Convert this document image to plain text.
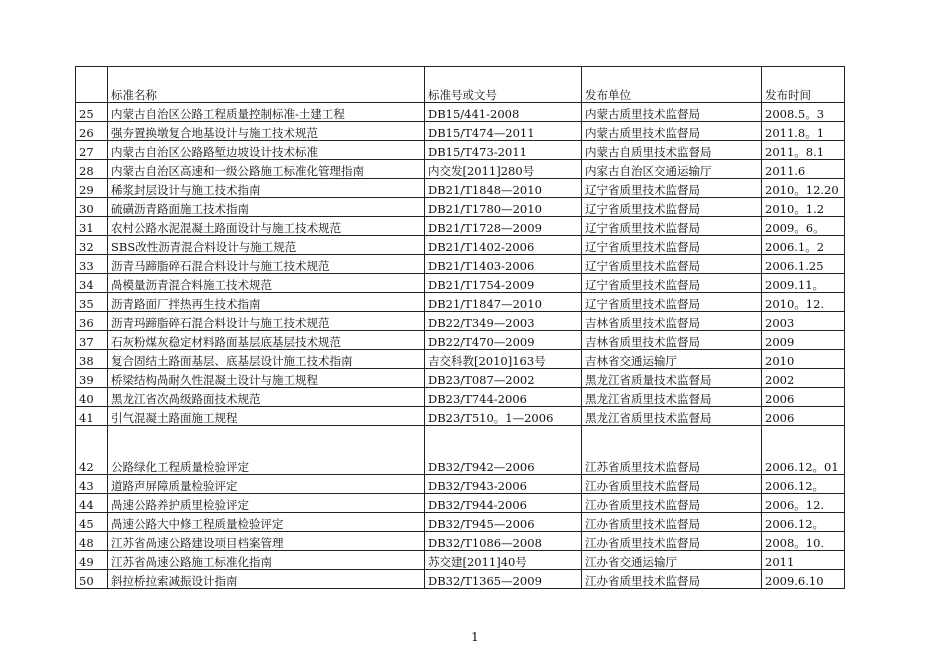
	标准名称	标准号或文号	发布单位	发布时间
25	内蒙古自治区公路工程质量控制标准-土建工程	DB15/441-2008	内蒙古质里技术监督局	2008.5。3
26	强夯置换墩复合地基设计与施工技术规范	DB15/T474—2011	内蒙古质里技术监督局	2011.8。1
27	内蒙古自治区公路路堑边坡设计技术标准	DB15/T473-2011	内蒙古自质里技术监督局	2011。8.1
28	内蒙古自治区高速和一级公路施工标准化管理指南	内交发[2011]280号	内家古自治区交通运输厅	2011.6
29	稀浆封层设计与施工技术指南	DB21/T1848—2010	辽宁省质里技术监督局	2010。12.20
30	硫磺沥青路面施工技术指南	DB21/T1780—2010	辽宁省质里技术监督局	2010。1.2
31	农村公路水泥混凝土路面设计与施工技术规范	DB21/T1728—2009	辽宁省质里技术监督局	2009。6。
32	SBS改性沥青混合料设计与施工规范	DB21/T1402-2006	辽宁省质里技术监督局	2006.1。2
33	沥青马蹄脂碎石混合料设计与施工技术规范	DB21/T1403-2006	辽宁省质里技术监督局	2006.1.25
34	咼模量沥青混合料施工技术规范	DB21/T1754-2009	辽宁省质里技术监督局	2009.11。
35	沥青路面厂拌热再生技术指南	DB21/T1847—2010	辽宁省质里技术监督局	2010。12.
36	沥青玛蹄脂碎石混合料设计与施工技术规范	DB22/T349—2003	吉林省质里技术监督局	2003
37	石灰粉煤灰稳定材料路面基层底基层技术规范	DB22/T470—2009	吉林省质里技术监督局	2009
38	复合固结土路面基层、底基层设计施工技术指南	吉交科教[2010]163号	吉林省交通运输厅	2010
39	桥梁结构咼耐久性混凝土设计与施工规程	DB23/T087—2002	黑龙江省质量技术监督局	2002
40	黑龙江省次咼级路面技术规范	DB23/T744-2006	黑龙江省质里技术监督局	2006
41	引气混凝土路面施工规程	DB23/T510。1—2006	黑龙江省质里技术监督局	2006
42	公路绿化工程质量检验评定	DB32/T942—2006	江苏省质里技术监督局	2006.12。01
43	道路声屏障质量检验评定	DB32/T943-2006	江办省质里技术监督局	2006.12。
44	咼速公路养护质里检验评定	DB32/T944-2006	江办省质里技术监督局	2006。12.
45	咼速公路大中修工程质量检验评定	DB32/T945—2006	江办省质里技术监督局	2006.12。
48	江苏省咼速公路建设项目档案管理	DB32/T1086—2008	江办省质里技术监督局	2008。10.
49	江苏省咼速公路施工标准化指南	苏交建[2011]40号	江办省交通运输厅	2011
50	斜拉桥拉索减振设计指南	DB32/T1365—2009	江办省质里技术监督局	2009.6.10
1
